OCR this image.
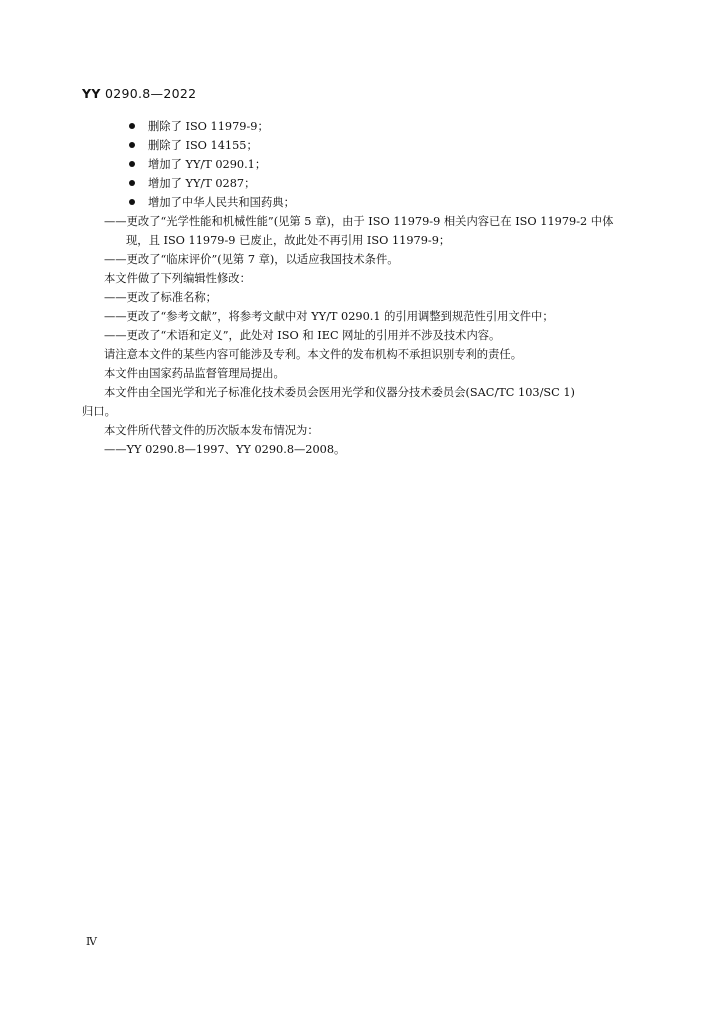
YY 0290.8—2022
删除了 ISO 11979-9；
删除了 ISO 14155；
增加了 YY/T 0290.1；
增加了 YY/T 0287；
增加了中华人民共和国药典；
——更改了“光学性能和机械性能”(见第 5 章)，由于 ISO 11979-9 相关内容已在 ISO 11979-2 中体
现，且 ISO 11979-9 已废止，故此处不再引用 ISO 11979-9；
——更改了“临床评价”(见第 7 章)，以适应我国技术条件。
本文件做了下列编辑性修改：
——更改了标准名称；
——更改了“参考文献”，将参考文献中对 YY/T 0290.1 的引用调整到规范性引用文件中；
——更改了“术语和定义”，此处对 ISO 和 IEC 网址的引用并不涉及技术内容。
请注意本文件的某些内容可能涉及专利。本文件的发布机构不承担识别专利的责任。
本文件由国家药品监督管理局提出。
本文件由全国光学和光子标准化技术委员会医用光学和仪器分技术委员会(SAC/TC 103/SC 1)
归口。
本文件所代替文件的历次版本发布情况为：
——YY 0290.8—1997、YY 0290.8—2008。
Ⅳ
